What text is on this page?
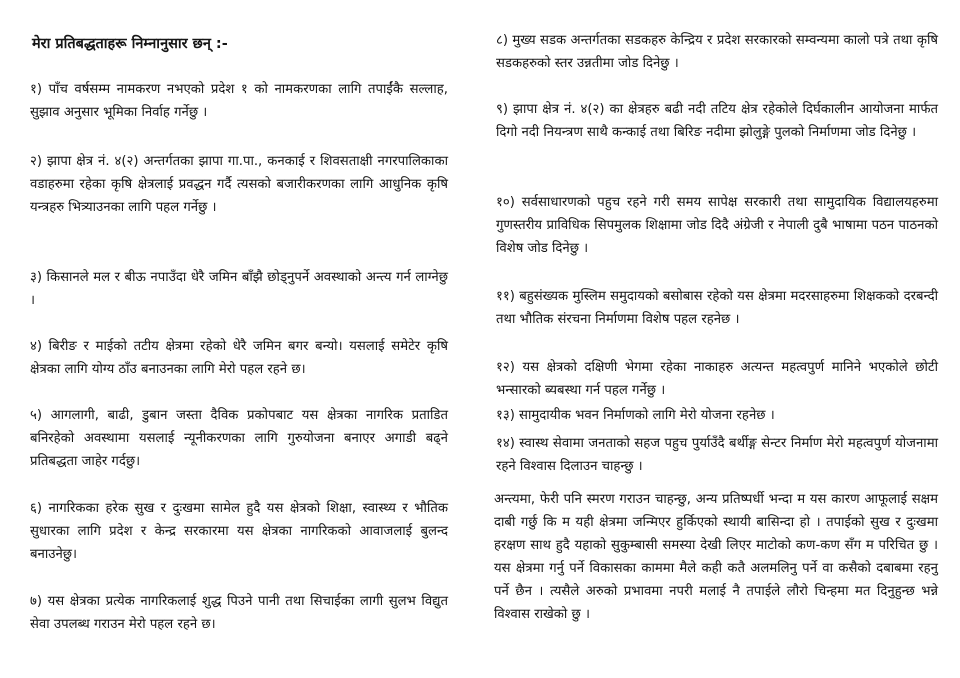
मेरा प्रतिबद्धताहरू निम्नानुसार छन् :-

१) पाँच वर्षसम्म नामकरण नभएको प्रदेश १ को नामकरणका लागि तपाईंकै सल्लाह, सुझाव अनुसार भूमिका निर्वाह गर्नेछु ।

२) झापा क्षेत्र नं. ४(२) अन्तर्गतका झापा गा.पा., कनकाई र शिवसताक्षी नगरपालिकाका वडाहरुमा रहेका कृषि क्षेत्रलाई प्रवद्धन गर्दै त्यसको बजारीकरणका लागि आधुनिक कृषि यन्त्रहरु भित्र्याउनका लागि पहल गर्नेछु ।

३) किसानले मल र बीऊ नपाउँदा धेरै जमिन बाँझै छोड्नुपर्ने अवस्थाको अन्त्य गर्न लाग्नेछु ।

४) बिरीङ र माईको तटीय क्षेत्रमा रहेको धेरै जमिन बगर बन्यो। यसलाई समेटेर कृषि क्षेत्रका लागि योग्य ठाँउ बनाउनका लागि मेरो पहल रहने छ।

५) आगलागी, बाढी, डुबान जस्ता दैविक प्रकोपबाट यस क्षेत्रका नागरिक प्रताडित बनिरहेको अवस्थामा यसलाई न्यूनीकरणका लागि गुरुयोजना बनाएर अगाडी बढ्ने प्रतिबद्धता जाहेर गर्दछु।

६) नागरिकका हरेक सुख र दुःखमा सामेल हुदै यस क्षेत्रको शिक्षा, स्वास्थ्य र भौतिक सुधारका लागि प्रदेश र केन्द्र सरकारमा यस क्षेत्रका नागरिकको आवाजलाई बुलन्द बनाउनेछु।

७) यस क्षेत्रका प्रत्येक नागरिकलाई शुद्ध पिउने पानी तथा सिचाईका लागी सुलभ विद्युत सेवा उपलब्ध गराउन मेरो पहल रहने छ।

८) मुख्य सडक अन्तर्गतका सडकहरु केन्द्रिय र प्रदेश सरकारको सम्वन्यमा कालो पत्रे तथा कृषि सडकहरुको स्तर उन्नतीमा जोड दिनेछु ।

९) झापा क्षेत्र नं. ४(२) का क्षेत्रहरु बढी नदी तटिय क्षेत्र रहेकोले दिर्घकालीन आयोजना मार्फत दिगो नदी नियन्त्रण साथै कन्काई तथा बिरिङ नदीमा झोलुङ्गे पुलको निर्माणमा जोड दिनेछु ।

१०) सर्वसाधारणको पहुच रहने गरी समय सापेक्ष सरकारी तथा सामुदायिक विद्यालयहरुमा गुणस्तरीय प्राविधिक सिपमुलक शिक्षामा जोड दिदै अंग्रेजी र नेपाली दुबै भाषामा पठन पाठनको विशेष जोड दिनेछु ।

११) बहुसंख्यक मुस्लिम समुदायको बसोबास रहेको यस क्षेत्रमा मदरसाहरुमा शिक्षकको दरबन्दी तथा भौतिक संरचना निर्माणमा विशेष पहल रहनेछ ।

१२) यस क्षेत्रको दक्षिणी भेगमा रहेका नाकाहरु अत्यन्त महत्वपुर्ण मानिने भएकोले छोटी भन्सारको ब्यबस्था गर्न पहल गर्नेछु ।

१३) सामुदायीक भवन निर्माणको लागि मेरो योजना रहनेछ ।

१४) स्वास्थ सेवामा जनताको सहज पहुच पुर्याउँदै बर्थीङ्ग सेन्टर निर्माण मेरो महत्वपुर्ण योजनामा रहने विश्वास दिलाउन चाहन्छु ।

अन्त्यमा, फेरी पनि स्मरण गराउन चाहन्छु, अन्य प्रतिष्पर्धी भन्दा म यस कारण आफूलाई सक्षम दाबी गर्छु कि म यही क्षेत्रमा जन्मिएर हुर्किएको स्थायी बासिन्दा हो । तपाईको सुख र दुःखमा हरक्षण साथ हुदै यहाको सुकुम्बासी समस्या देखी लिएर माटोको कण-कण सँग म परिचित छु । यस क्षेत्रमा गर्नु पर्ने विकासका काममा मैले कही कतै अलमलिनु पर्ने वा कसैको दबाबमा रहनु पर्ने छैन । त्यसैले अरुको प्रभावमा नपरी मलाई नै तपाईले लौरो चिन्हमा मत दिनुहुन्छ भन्ने विश्वास राखेको छु ।
